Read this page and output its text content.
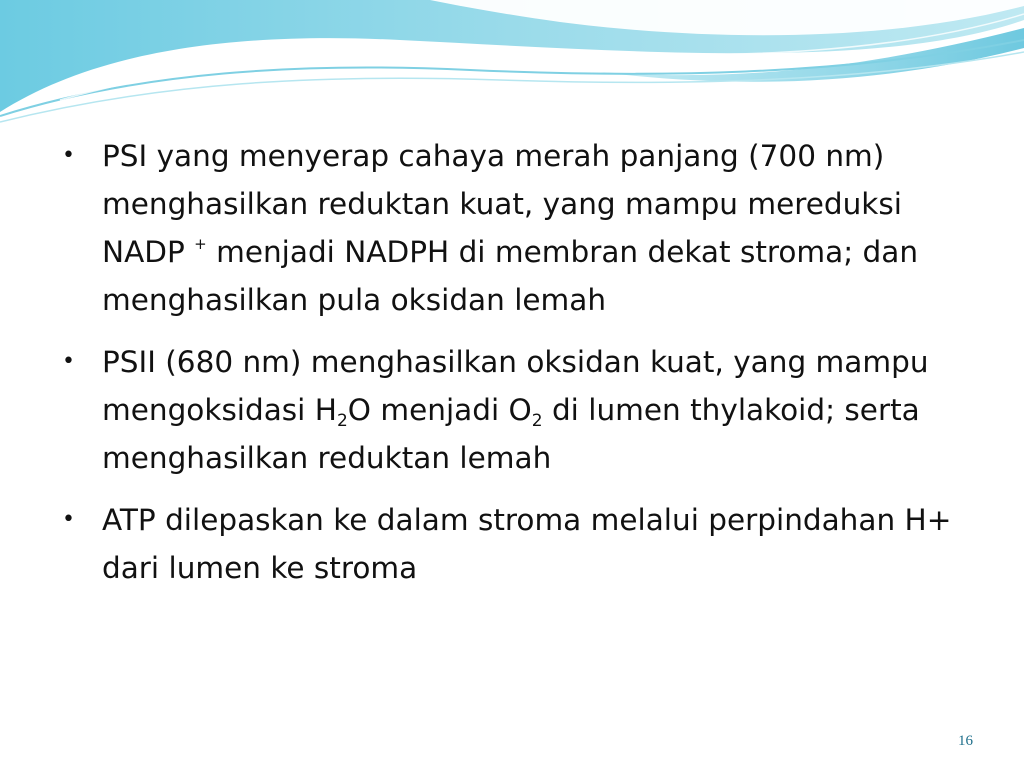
• PSI yang menyerap cahaya merah panjang (700 nm) menghasilkan reduktan kuat, yang mampu mereduksi NADP + menjadi NADPH di membran dekat stroma; dan menghasilkan pula oksidan lemah
• PSII (680 nm) menghasilkan oksidan kuat, yang mampu mengoksidasi $H_2O$ menjadi $O_2$ di lumen thylakoid; serta menghasilkan reduktan lemah
• ATP dilepaskan ke dalam stroma melalui perpindahan H+ dari lumen ke stroma
16
